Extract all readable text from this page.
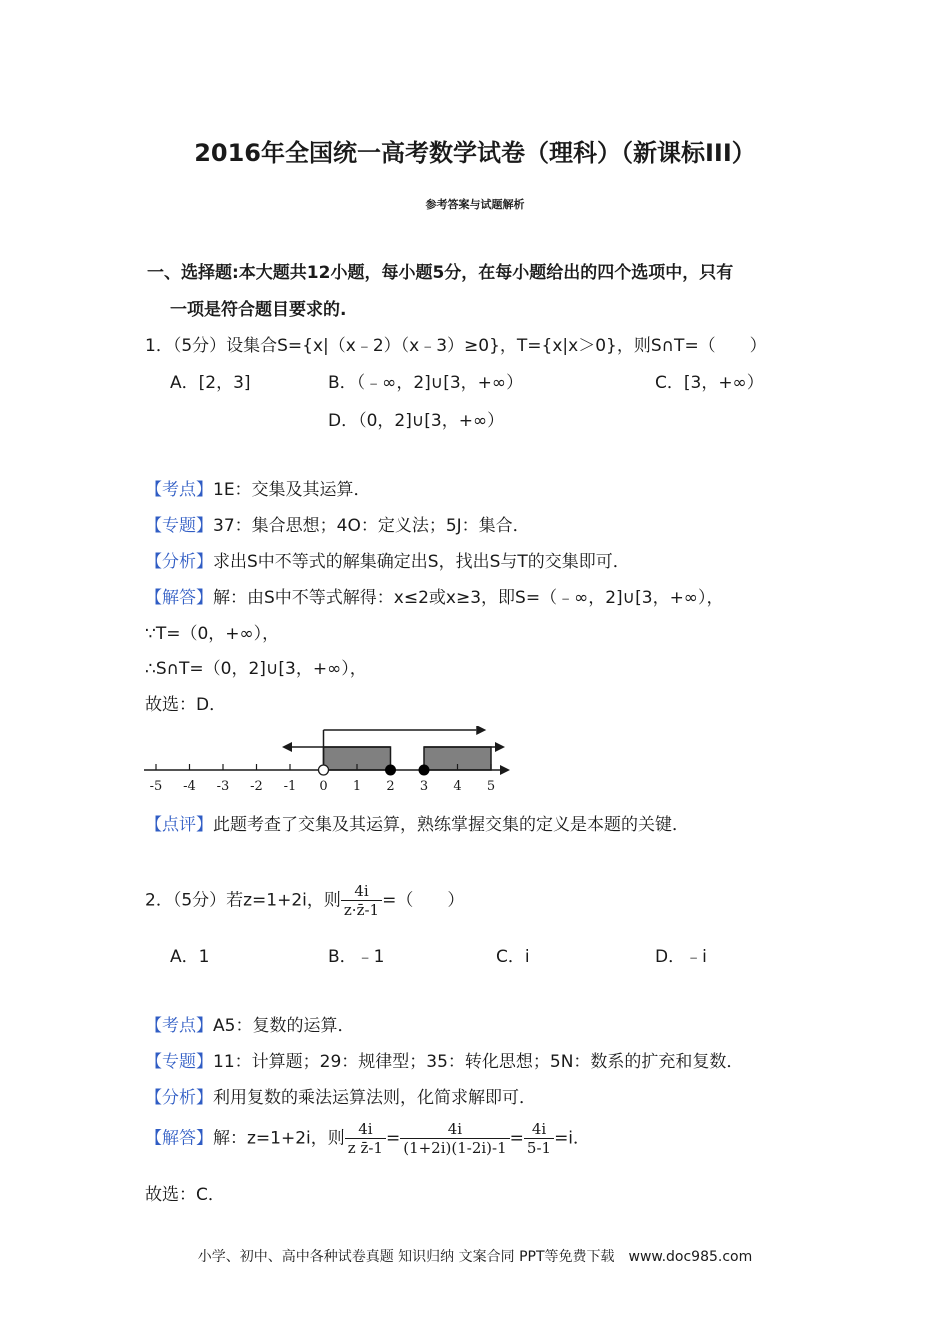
2016年全国统一高考数学试卷（理科）（新课标III）
参考答案与试题解析
一、选择题:本大题共12小题，每小题5分，在每小题给出的四个选项中，只有
一项是符合题目要求的.
1．（5分）设集合S={x|（x﹣2）（x﹣3）≥0}，T={x|x＞0}，则S∩T=（　　）
A．[2，3]	B．（﹣∞，2]∪[3，+∞）	C．[3，+∞）
D．（0，2]∪[3，+∞）
【考点】1E：交集及其运算．
【专题】37：集合思想；4O：定义法；5J：集合．
【分析】求出S中不等式的解集确定出S，找出S与T的交集即可．
【解答】解：由S中不等式解得：x≤2或x≥3，即S=（﹣∞，2]∪[3，+∞），
∵T=（0，+∞），
∴S∩T=（0，2]∪[3，+∞），
故选：D．
-5 -4 -3 -2 -1 0 1 2 3 4 5
【点评】此题考查了交集及其运算，熟练掌握交集的定义是本题的关键．
2．（5分）若z=1+2i，则 $\frac{4i}{z\cdot z̄-1}$ =（　　）
A．1	B．﹣1	C．i	D．﹣i
【考点】A5：复数的运算．
【专题】11：计算题；29：规律型；35：转化思想；5N：数系的扩充和复数．
【分析】利用复数的乘法运算法则，化简求解即可．
【解答】解：z=1+2i，则 $\frac{4i}{\text{z z̄-1}} = \frac{4i}{(1+2i)(1-2i)-1} = \frac{4i}{5-1} =i$．
故选：C．
小学、初中、高中各种试卷真题 知识归纳 文案合同 PPT等免费下载　www.doc985.com
